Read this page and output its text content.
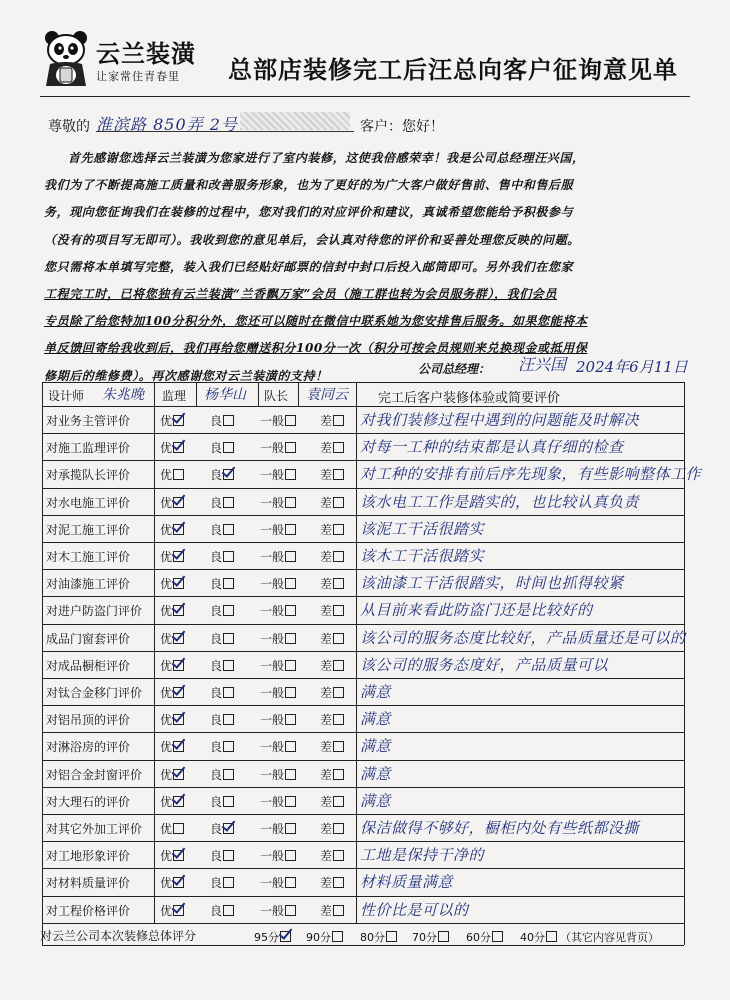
云兰装潢
让家常住青春里 总部店装修完工后汪总向客户征询意见单
尊敬的 淮滨路 850弄 2号	客户：您好！
首先感谢您选择云兰装潢为您家进行了室内装修，这使我倍感荣幸！我是公司总经理汪兴国，
我们为了不断提高施工质量和改善服务形象，也为了更好的为广大客户做好售前、售中和售后服
务，现向您征询我们在装修的过程中，您对我们的对应评价和建议，真诚希望您能给予积极参与
（没有的项目写无即可）。我收到您的意见单后，会认真对待您的评价和妥善处理您反映的问题。
您只需将本单填写完整，装入我们已经贴好邮票的信封中封口后投入邮筒即可。另外我们在您家
工程完工时，已将您独有云兰装潢“兰香飘万家”会员（施工群也转为会员服务群），我们会员
专员除了给您特加100分积分外，您还可以随时在微信中联系她为您安排售后服务。如果您能将本
单反馈回寄给我收到后，我们再给您赠送积分100分一次（积分可按会员规则来兑换现金或抵用保
修期后的维修费）。再次感谢您对云兰装潢的支持！	公司总经理： 汪兴国 2024年6月11日
设计师 朱兆晚 监理 杨华山 队长 袁同云 完工后客户装修体验或简要评价
对业务主管评价 优	良	一般	差	对我们装修过程中遇到的问题能及时解决
对施工监理评价 优	良	一般	差	对每一工种的结束都是认真仔细的检查
对承揽队长评价 优	良	一般	差	对工种的安排有前后序先现象，有些影响整体工作
对水电施工评价 优	良	一般	差	该水电工工作是踏实的，也比较认真负责
对泥工施工评价 优	良	一般	差	该泥工干活很踏实
对木工施工评价 优	良	一般	差	该木工干活很踏实
对油漆施工评价 优	良	一般	差	该油漆工干活很踏实，时间也抓得较紧
对进户防盗门评价 优	良	一般	差	从目前来看此防盗门还是比较好的
成品门窗套评价 优	良	一般	差	该公司的服务态度比较好，产品质量还是可以的
对成品橱柜评价 优	良	一般	差	该公司的服务态度好，产品质量可以
对钛合金移门评价 优	良	一般	差	满意
对铝吊顶的评价 优	良	一般	差	满意
对淋浴房的评价 优	良	一般	差	满意
对铝合金封窗评价 优	良	一般	差	满意
对大理石的评价 优	良	一般	差	满意
对其它外加工评价 优	良	一般	差	保洁做得不够好，橱柜内处有些纸都没撕
对工地形象评价 优	良	一般	差	工地是保持干净的
对材料质量评价 优	良	一般	差	材料质量满意
对工程价格评价 优	良	一般	差	性价比是可以的
对云兰公司本次装修总体评分	95分	90分	80分	70分	60分	40分	（其它内容见背页）
